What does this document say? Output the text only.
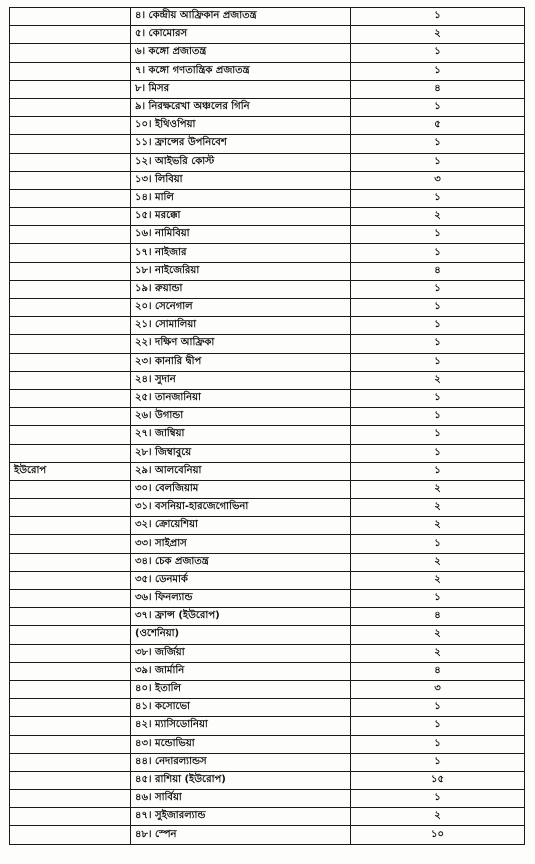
	৪। কেন্দ্রীয় আফ্রিকান প্রজাতন্ত্র	১
	৫। কোমোরস	২
	৬। কঙ্গো প্রজাতন্ত্র	১
	৭। কঙ্গো গণতান্ত্রিক প্রজাতন্ত্র	১
	৮। মিসর	৪
	৯। নিরক্ষরেখা অঞ্চলের গিনি	১
	১০। ইথিওপিয়া	৫
	১১। ফ্রান্সের উপনিবেশ	১
	১২। আইভরি কোস্ট	১
	১৩। লিবিয়া	৩
	১৪। মালি	১
	১৫। মরক্কো	২
	১৬। নামিবিয়া	১
	১৭। নাইজার	১
	১৮। নাইজেরিয়া	৪
	১৯। রুয়ান্ডা	১
	২০। সেনেগাল	১
	২১। সোমালিয়া	১
	২২। দক্ষিণ আফ্রিকা	১
	২৩। কানারি দ্বীপ	১
	২৪। সুদান	২
	২৫। তানজানিয়া	১
	২৬। উগান্ডা	১
	২৭। জাম্বিয়া	১
	২৮। জিম্বাবুয়ে	১
ইউরোপ	২৯। আলবেনিয়া	১
	৩০। বেলজিয়াম	২
	৩১। বসনিয়া-হারজেগোভিনা	২
	৩২। ক্রোয়েশিয়া	২
	৩৩। সাইপ্রাস	১
	৩৪। চেক প্রজাতন্ত্র	২
	৩৫। ডেনমার্ক	২
	৩৬। ফিনল্যান্ড	১
	৩৭। ফ্রান্স (ইউরোপ)	৪
	(ওশেনিয়া)	২
	৩৮। জর্জিয়া	২
	৩৯। জার্মানি	৪
	৪০। ইতালি	৩
	৪১। কসোভো	১
	৪২। ম্যাসিডোনিয়া	১
	৪৩। মন্ডোভিয়া	১
	৪৪। নেদারল্যান্ডস	১
	৪৫। রাশিয়া (ইউরোপ)	১৫
	৪৬। সার্বিয়া	১
	৪৭। সুইজারল্যান্ড	২
	৪৮। স্পেন	১০
